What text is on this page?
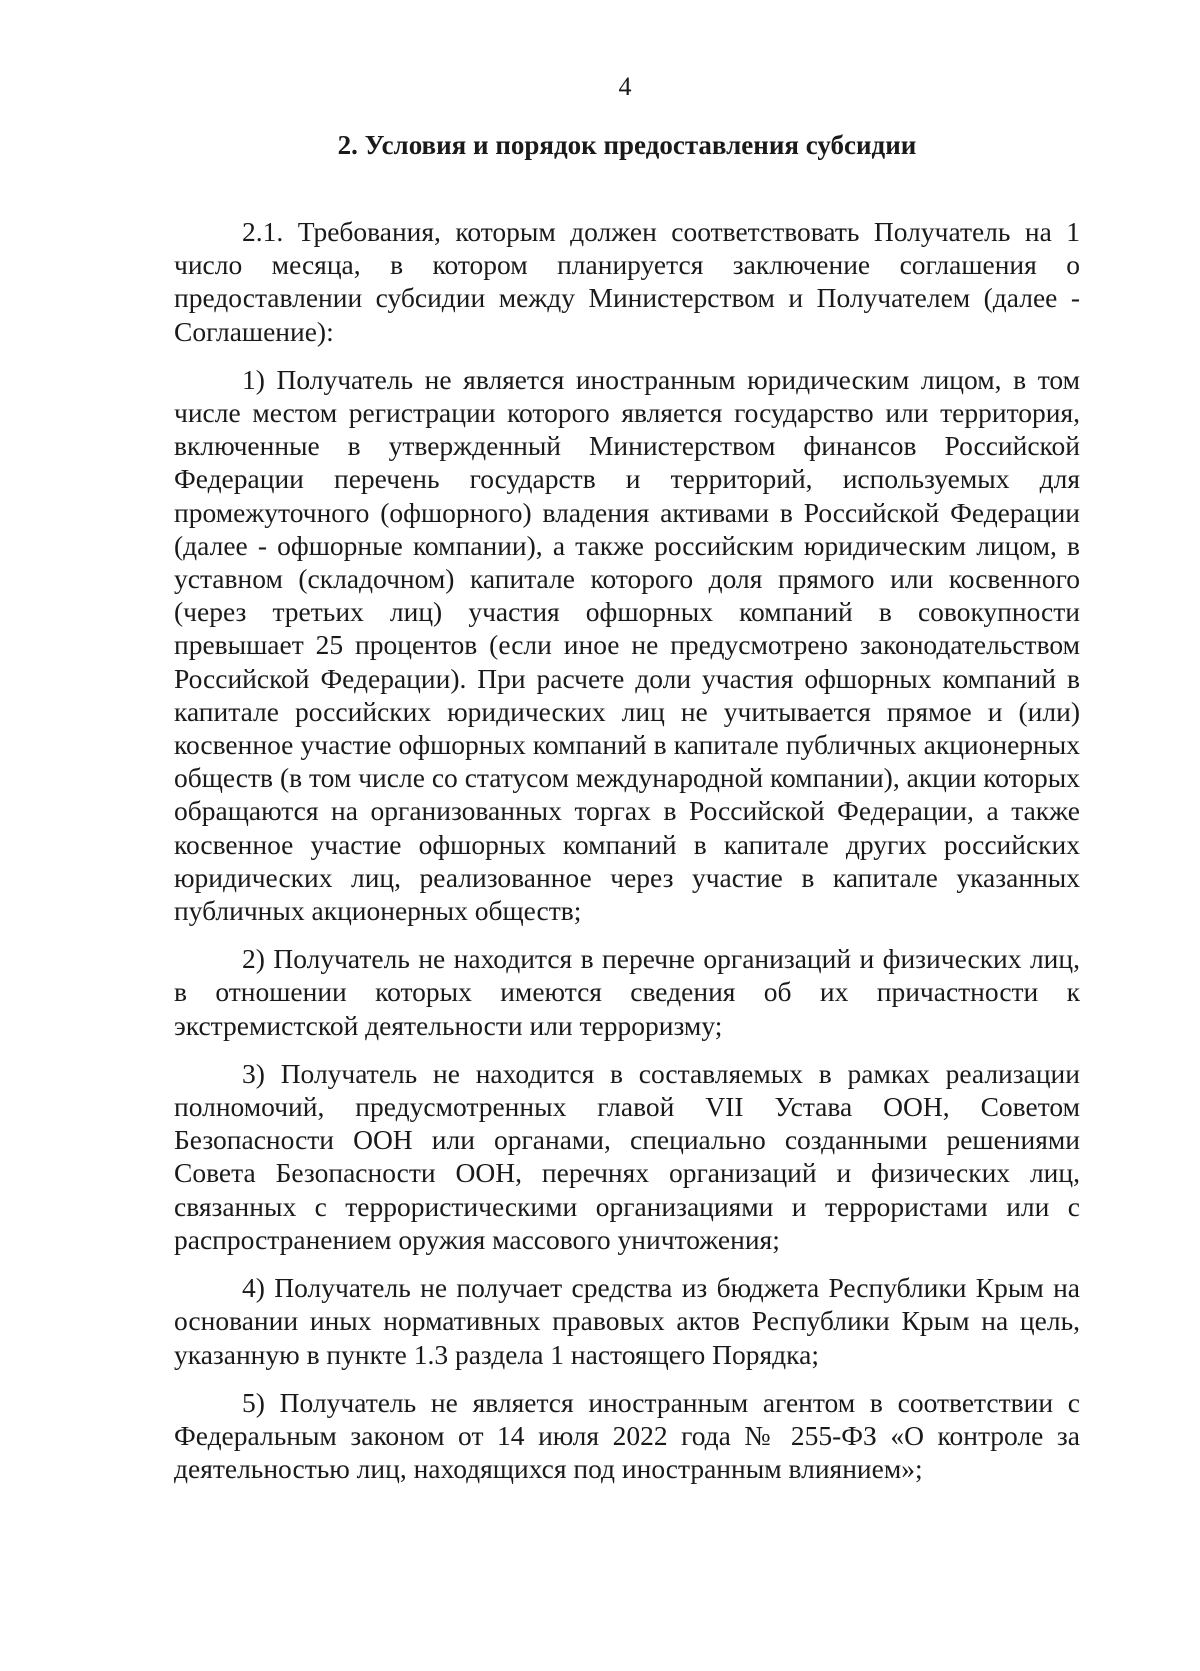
4
2. Условия и порядок предоставления субсидии

2.1. Требования, которым должен соответствовать Получатель на 1 число месяца, в котором планируется заключение соглашения о предоставлении субсидии между Министерством и Получателем (далее - Соглашение):

1) Получатель не является иностранным юридическим лицом, в том числе местом регистрации которого является государство или территория, включенные в утвержденный Министерством финансов Российской Федерации перечень государств и территорий, используемых для промежуточного (офшорного) владения активами в Российской Федерации (далее - офшорные компании), а также российским юридическим лицом, в уставном (складочном) капитале которого доля прямого или косвенного (через третьих лиц) участия офшорных компаний в совокупности превышает 25 процентов (если иное не предусмотрено законодательством Российской Федерации). При расчете доли участия офшорных компаний в капитале российских юридических лиц не учитывается прямое и (или) косвенное участие офшорных компаний в капитале публичных акционерных обществ (в том числе со статусом международной компании), акции которых обращаются на организованных торгах в Российской Федерации, а также косвенное участие офшорных компаний в капитале других российских юридических лиц, реализованное через участие в капитале указанных публичных акционерных обществ;

2) Получатель не находится в перечне организаций и физических лиц, в отношении которых имеются сведения об их причастности к экстремистской деятельности или терроризму;

3) Получатель не находится в составляемых в рамках реализации полномочий, предусмотренных главой VII Устава ООН, Советом Безопасности ООН или органами, специально созданными решениями Совета Безопасности ООН, перечнях организаций и физических лиц, связанных с террористическими организациями и террористами или с распространением оружия массового уничтожения;

4) Получатель не получает средства из бюджета Республики Крым на основании иных нормативных правовых актов Республики Крым на цель, указанную в пункте 1.3 раздела 1 настоящего Порядка;

5) Получатель не является иностранным агентом в соответствии с Федеральным законом от 14 июля 2022 года № 255-ФЗ «О контроле за деятельностью лиц, находящихся под иностранным влиянием»;
